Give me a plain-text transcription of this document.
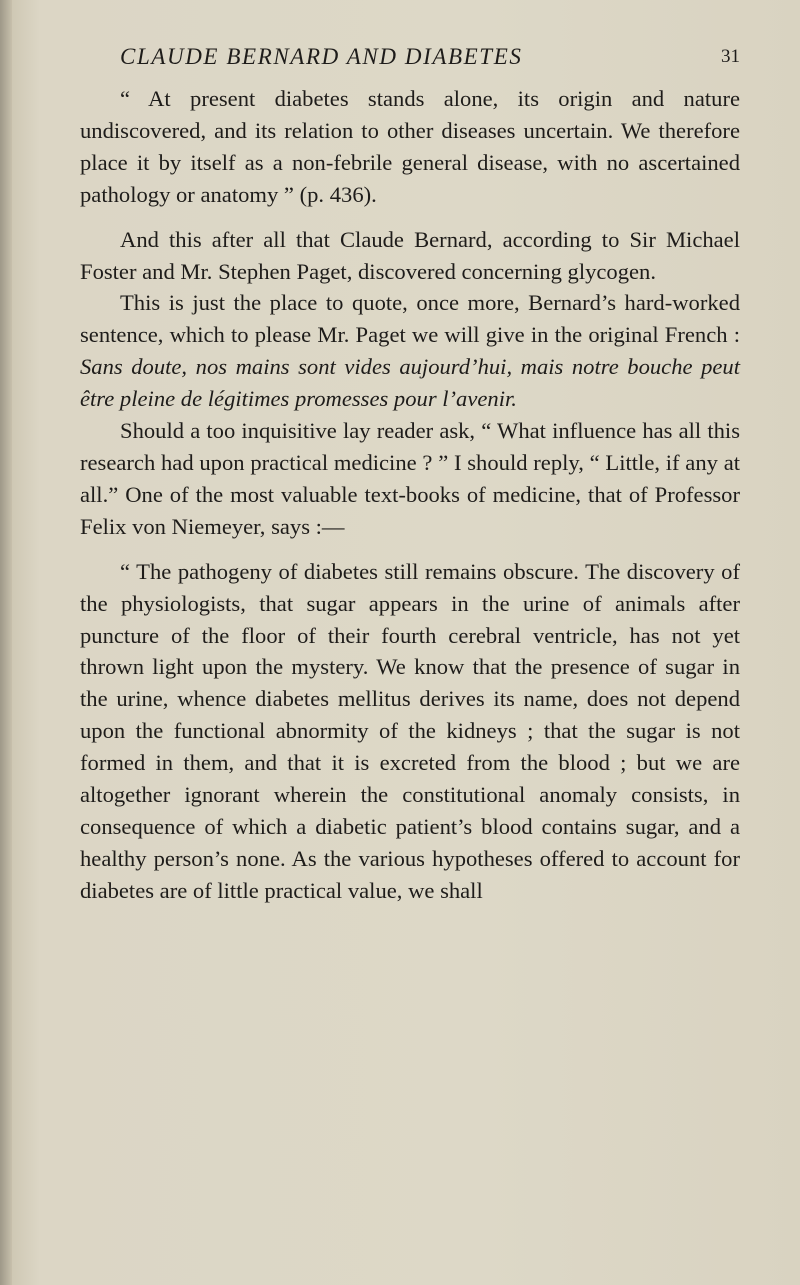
CLAUDE BERNARD AND DIABETES	31

“ At present diabetes stands alone, its origin and nature undiscovered, and its relation to other diseases uncertain. We therefore place it by itself as a non-febrile general disease, with no ascertained pathology or anatomy ” (p. 436).

And this after all that Claude Bernard, according to Sir Michael Foster and Mr. Stephen Paget, discovered concerning glycogen.

This is just the place to quote, once more, Bernard’s hard-worked sentence, which to please Mr. Paget we will give in the original French : Sans doute, nos mains sont vides aujourd’hui, mais notre bouche peut être pleine de légitimes promesses pour l’avenir.

Should a too inquisitive lay reader ask, “ What influence has all this research had upon practical medicine ? ” I should reply, “ Little, if any at all.” One of the most valuable text-books of medicine, that of Professor Felix von Niemeyer, says :—

“ The pathogeny of diabetes still remains obscure. The discovery of the physiologists, that sugar appears in the urine of animals after puncture of the floor of their fourth cerebral ventricle, has not yet thrown light upon the mystery. We know that the presence of sugar in the urine, whence diabetes mellitus derives its name, does not depend upon the functional abnormity of the kidneys ; that the sugar is not formed in them, and that it is excreted from the blood ; but we are altogether ignorant wherein the constitutional anomaly consists, in consequence of which a diabetic patient’s blood contains sugar, and a healthy person’s none. As the various hypotheses offered to account for diabetes are of little practical value, we shall
